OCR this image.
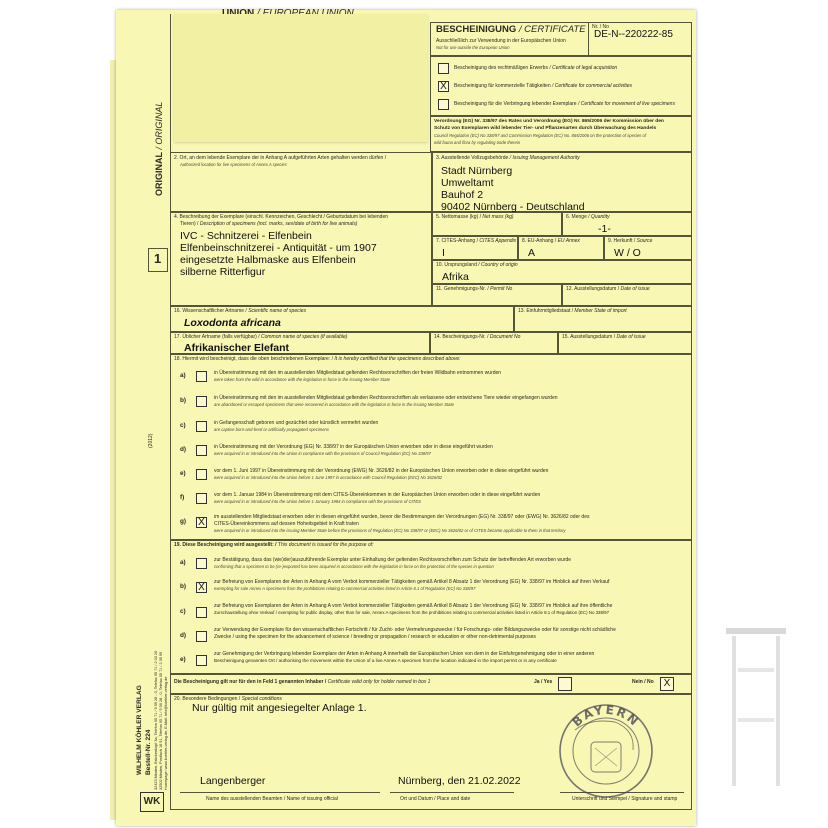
BESCHEINIGUNG / CERTIFICATE
Ausschließlich zur Verwendung in der Europäischen Union
Not for use outside the European Union
Nr. / No
DE-N--220222-85
Bescheinigung des rechtmäßigen Erwerbs / Certificate of legal acquisition
X	Bescheinigung für kommerzielle Tätigkeiten / Certificate for commercial activities
Bescheinigung für die Verbringung lebender Exemplare / Certificate for movement of live specimens
Verordnung (EG) Nr. 338/97 des Rates und Verordnung (EG) Nr. 865/2006 der Kommission über den
Schutz von Exemplaren wild lebender Tier- und Pflanzenarten durch Überwachung des Handels
Council Regulation (EC) No 338/97 and Commission Regulation (EC) No. 865/2006 on the protection of species of
wild fauna and flora by regulating trade therein
ORIGINAL / ORIGINAL
1
(2012)
WILHELM KÖHLER VERLAG Bestell-Nr. 224 32423 Minden, Brückenkopf 3a, Telefon 05 71 / 9 59 28 - 0, Telefax 05 71 / 2 03 20 32502 Minden, Postfach 16 51, Telefon 05 71 / 9 59 28 - 0, Telefax 05 71 / 2 39 99 Homepage: www.koehler-verlag.de, E-Mail: info@koehler-verlag.de
WK
2. Ort, an dem lebende Exemplare der in Anhang A aufgeführten Arten gehalten werden dürfen /
Authorized location for live specimens of Annex A species
3. Ausstellende Vollzugsbehörde / Issuing Management Authority
Stadt Nürnberg
Umweltamt
Bauhof 2
90402 Nürnberg - Deutschland
4. Beschreibung der Exemplare (einschl. Kennzeichen, Geschlecht / Geburtsdatum bei lebenden
Tieren) / Description of specimens (incl. marks, sex/date of birth for live animals)
IVC - Schnitzerei - Elfenbein
Elfenbeinschnitzerei - Antiquität - um 1907
eingesetzte Halbmaske aus Elfenbein
silberne Ritterfigur
5. Nettomasse (kg) / Net mass (kg)	6. Menge / Quantity
-1-
7. CITES-Anhang / CITES Appendix
I
8. EU-Anhang / EU Annex
A
9. Herkunft / Source
W / O
10. Ursprungsland / Country of origin
Afrika
11. Genehmigungs-Nr. / Permit No	12. Ausstellungsdatum / Date of issue
16. Wissenschaftlicher Artname / Scientific name of species
Loxodonta africana
13. Einfuhrmitgliedstaat / Member State of import
17. Üblicher Artname (falls verfügbar) / Common name of species (if available)
Afrikanischer Elefant
14. Bescheinigungs-Nr. / Document No	15. Ausstellungsdatum / Date of issue
18. Hiermit wird bescheinigt, dass die oben beschriebenen Exemplare: / It is hereby certified that the specimens described above:
a)	in Übereinstimmung mit den im ausstellenden Mitgliedstaat geltenden Rechtsvorschriften der freien Wildbahn entnommen wurden
were taken from the wild in accordance with the legislation in force in the issuing Member State
b)	in Übereinstimmung mit den im ausstellenden Mitgliedstaat geltenden Rechtsvorschriften als verlassene oder entwichene Tiere wieder eingefangen wurden
are abandoned or escaped specimens that were recovered in accordance with the legislation in force in the issuing Member State
c)	in Gefangenschaft geboren und gezüchtet oder künstlich vermehrt wurden
are captive born-and-bred or artificially propagated specimens
d)	in Übereinstimmung mit der Verordnung (EG) Nr. 338/97 in der Europäischen Union erworben oder in diese eingeführt wurden
were acquired in or introduced into the Union in compliance with the provisions of Council Regulation (EC) No 338/97
e)	vor dem 1. Juni 1997 in Übereinstimmung mit der Verordnung (EWG) Nr. 3626/82 in der Europäischen Union erworben oder in diese eingeführt wurden
were acquired in or introduced into the Union before 1 June 1997 in accordance with Council Regulation (EEC) No 3626/82
f)	vor dem 1. Januar 1984 in Übereinstimmung mit dem CITES-Übereinkommen in der Europäischen Union erworben oder in diese eingeführt wurden
were acquired in or introduced into the Union before 1 January 1984 in compliance with the provisions of CITES
g) X	im ausstellenden Mitgliedstaat erworben oder in diesen eingeführt wurden, bevor die Bestimmungen der Verordnungen (EG) Nr. 338/97 oder (EWG) Nr. 3626/82 oder des
CITES-Übereinkommens auf dessen Hoheitsgebiet in Kraft traten
were acquired in or introduced into the issuing Member State before the provisions of Regulation (EC) No 338/97 or (EEC) No 3626/82 or of CITES became applicable to them in that territory
19. Diese Bescheinigung wird ausgestellt: / This document is issued for the purpose of:
a)	zur Bestätigung, dass das (wie)der)auszuführende Exemplar unter Einhaltung der geltenden Rechtsvorschriften zum Schutz der betreffenden Art erworben wurde
confirming that a specimen to be (re-)exported has been acquired in accordance with the legislation in force on the protection of the species in question
b) X	zur Befreiung von Exemplaren der Arten in Anhang A vom Verbot kommerzieller Tätigkeiten gemäß Artikel 8 Absatz 1 der Verordnung (EG) Nr. 338/97 im Hinblick auf ihren Verkauf
exempting for sale Annex A specimens from the prohibitions relating to commercial activities listed in Article 8.1 of Regulation (EC) No 338/97
c)
zur Befreiung von Exemplaren der Arten in Anhang A vom Verbot kommerzieller Tätigkeiten gemäß Artikel 8 Absatz 1 der Verordnung (EG) Nr. 338/97 im Hinblick auf ihre öffentliche
Zurschaustellung ohne Verkauf / exempting for public display, other than for sale, Annex A specimens from the prohibitions relating to commercial activities listed in Article 8.1 of Regulation (EC) No 338/97
d)
zur Verwendung der Exemplare für den wissenschaftlichen Fortschritt / für Zucht- oder Vermehrungszwecke / für Forschungs- oder Bildungszwecke oder für sonstige nicht schädliche
Zwecke / using the specimen for the advancement of science / breeding or propagation / research or education or other non-detrimental purposes
e)
zur Genehmigung der Verbringung lebender Exemplare der Arten in Anhang A innerhalb der Europäischen Union von dem in der Einfuhrgenehmigung oder in einer anderen
Bescheinigung genannten Ort / authorising the movement within the Union of a live Annex A specimen from the location indicated in the import permit or in any certificate
Die Bescheinigung gilt nur für den in Feld 1 genannten Inhaber / Certificate valid only for holder named in box 1	Ja / Yes	Nein / No X
20. Besondere Bedingungen / Special conditions
Nur gültig mit angesiegelter Anlage 1.
Langenberger	Nürnberg, den 21.02.2022
Name des ausstellenden Beamten / Name of issuing official	Ort und Datum / Place and date	Unterschrift und Stempel / Signature and stamp
BAYERN
